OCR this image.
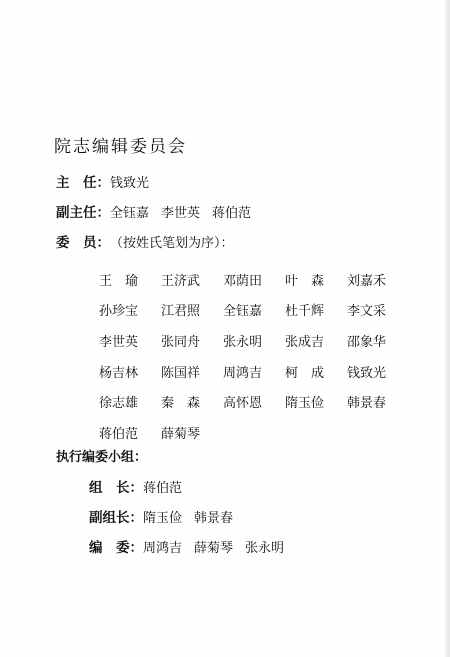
院志编辑委员会
主　任：钱致光
副主任：全钰嘉 李世英 蒋伯范
委　员：（按姓氏笔划为序）：
王　瑜	王济武	邓荫田	叶　森	刘嘉禾
孙珍宝	江君照	全钰嘉	杜千辉	李文采
李世英	张同舟	张永明	张成吉	邵象华
杨吉林	陈国祥	周鸿吉	柯　成	钱致光
徐志雄	秦　森	高怀恩	隋玉俭	韩景春
蒋伯范	薛菊琴
执行编委小组：
组　长：蒋伯范
副组长：隋玉俭 韩景春
编　委：周鸿吉 薛菊琴 张永明
